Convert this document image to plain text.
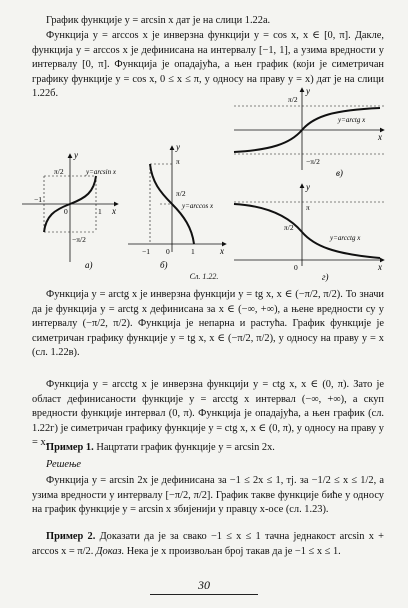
График функције y = arcsin x дат је на слици 1.22a.

Функција y = arccos x je инверзна функцији y = cos x, x ∈ [0, π]. Дакле, функција y = arccos x је дефинисана на интервалу [−1, 1], а узима вредности у интервалу [0, π]. Функција је опадајућа, а њен график (који је симетричан графику функције y = cos x, 0 ≤ x ≤ π, у односу на праву y = x) дат је на слици 1.22б.

y
x
y=arcsin x
π/2
−π/2
−1
0	1
а)
y
x
y=arccos x
π
π/2
−1 0	1
б)
y
x
y=arctg x
π/2
−π/2
в)
y
x
y=arcctg x
π
π/2
0
г)
Сл. 1.22.

Функција y = arctg x је инверзна функцији y = tg x, x ∈ (−π/2, π/2). То значи да је функција y = arctg x дефинисана за x ∈ (−∞, +∞), а њене вредности су у интервалу (−π/2, π/2). Функција је непарна и растућа. График функције је симетричан графику функције y = tg x, x ∈ (−π/2, π/2), у односу на праву y = x (сл. 1.22в).

Функција y = arcctg x je инверзна функцији y = ctg x, x ∈ (0, π). Зато је област дефинисаности функције y = arcctg x интервал (−∞, +∞), а скуп вредности функције интервал (0, π). Функција је опадајућа, а њен график (сл. 1.22г) је симетричан графику функције y = ctg x, x ∈ (0, π), у односу на праву y = x.

Пример 1. Нацртати график функције y = arcsin 2x.

Решење

Функција y = arcsin 2x је дефинисана за −1 ≤ 2x ≤ 1, тј. за −1/2 ≤ x ≤ 1/2, а узима вредности у интервалу [−π/2, π/2]. График такве функције биће у односу на график функције y = arcsin x збијенији у правцу x-осе (сл. 1.23).

Пример 2. Доказати да је за свако −1 ≤ x ≤ 1 тачна једнакост arcsin x + arccos x = π/2. Доказ. Нека је x произвољан број такав да је −1 ≤ x ≤ 1.

30
